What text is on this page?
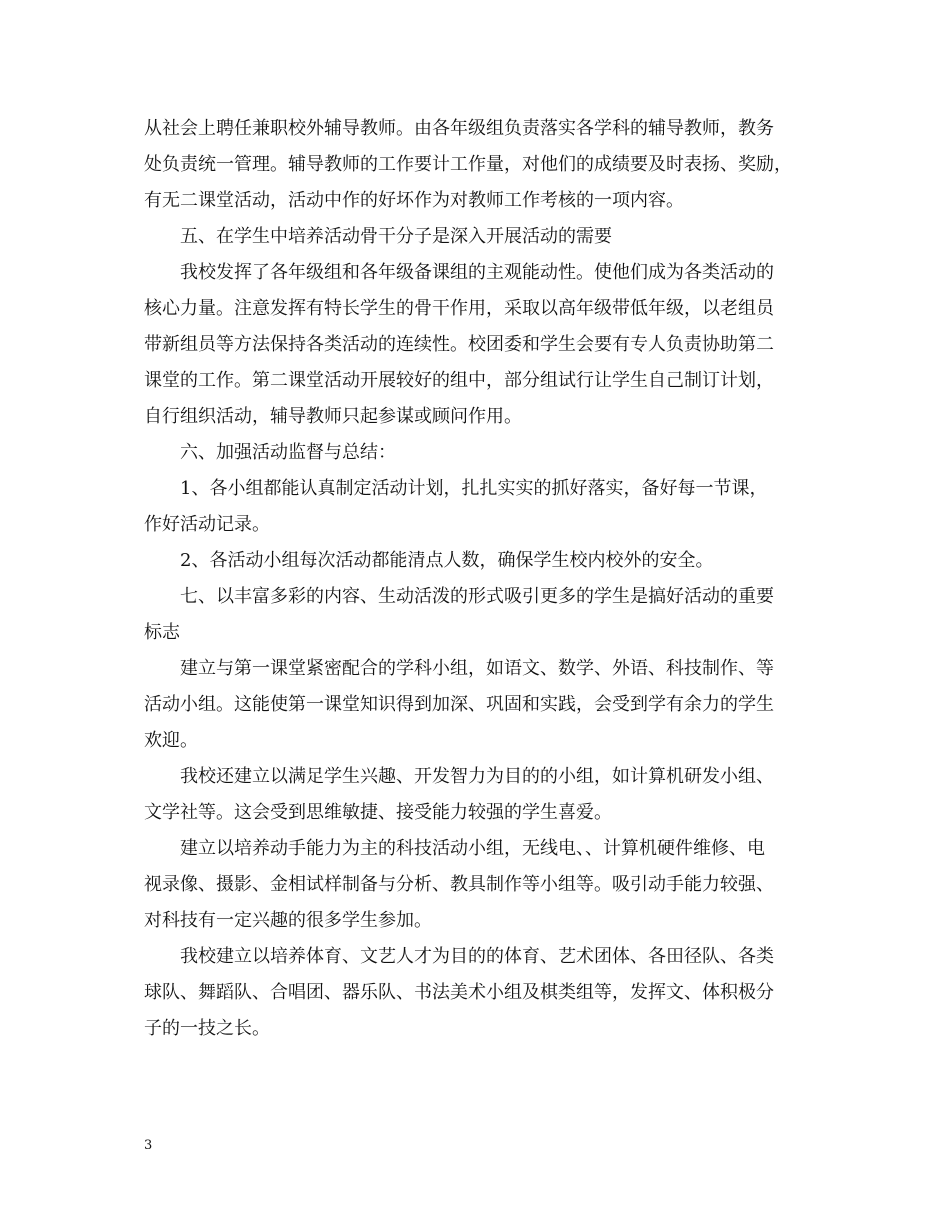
从社会上聘任兼职校外辅导教师。由各年级组负责落实各学科的辅导教师，教务
处负责统一管理。辅导教师的工作要计工作量，对他们的成绩要及时表扬、奖励，
有无二课堂活动，活动中作的好坏作为对教师工作考核的一项内容。
五、在学生中培养活动骨干分子是深入开展活动的需要
我校发挥了各年级组和各年级备课组的主观能动性。使他们成为各类活动的
核心力量。注意发挥有特长学生的骨干作用，采取以高年级带低年级，以老组员
带新组员等方法保持各类活动的连续性。校团委和学生会要有专人负责协助第二
课堂的工作。第二课堂活动开展较好的组中，部分组试行让学生自己制订计划，
自行组织活动，辅导教师只起参谋或顾问作用。
六、加强活动监督与总结：
1、各小组都能认真制定活动计划，扎扎实实的抓好落实，备好每一节课，
作好活动记录。
2、各活动小组每次活动都能清点人数，确保学生校内校外的安全。
七、以丰富多彩的内容、生动活泼的形式吸引更多的学生是搞好活动的重要
标志
建立与第一课堂紧密配合的学科小组，如语文、数学、外语、科技制作、等
活动小组。这能使第一课堂知识得到加深、巩固和实践，会受到学有余力的学生
欢迎。
我校还建立以满足学生兴趣、开发智力为目的的小组，如计算机研发小组、
文学社等。这会受到思维敏捷、接受能力较强的学生喜爱。
建立以培养动手能力为主的科技活动小组，无线电、、计算机硬件维修、电
视录像、摄影、金相试样制备与分析、教具制作等小组等。吸引动手能力较强、
对科技有一定兴趣的很多学生参加。
我校建立以培养体育、文艺人才为目的的体育、艺术团体、各田径队、各类
球队、舞蹈队、合唱团、器乐队、书法美术小组及棋类组等，发挥文、体积极分
子的一技之长。
3
